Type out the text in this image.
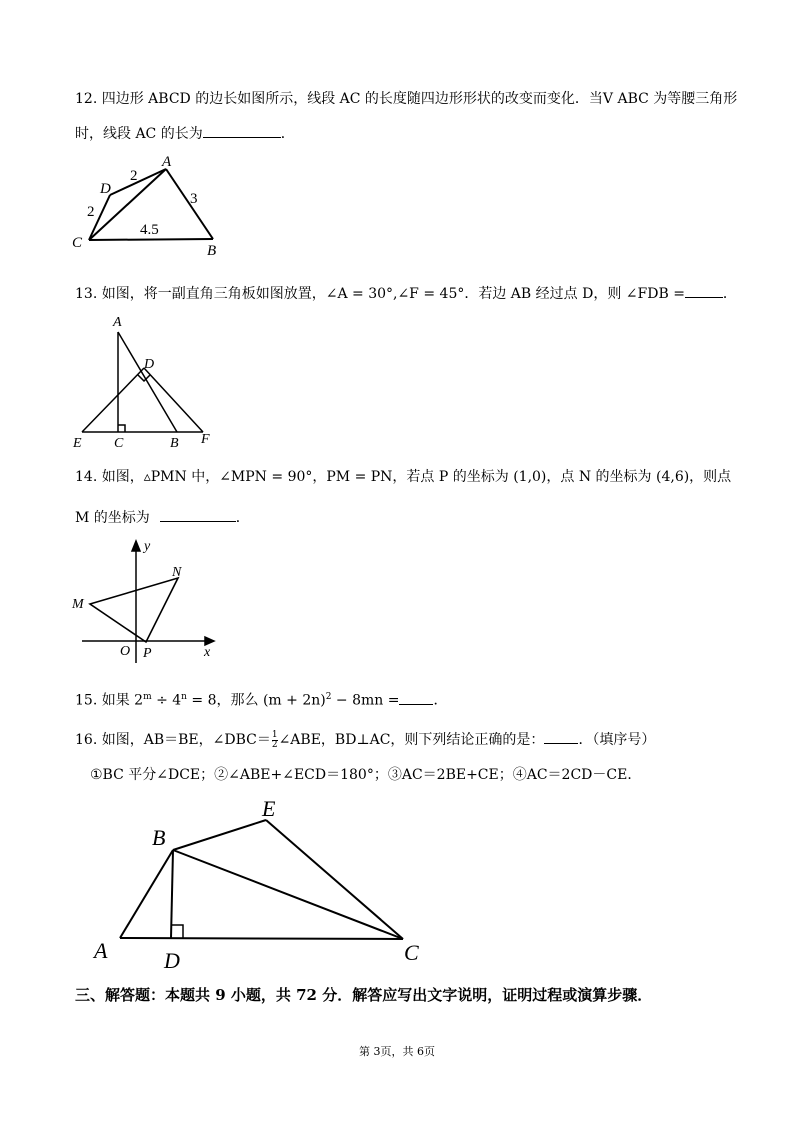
12. 四边形 ABCD 的边长如图所示，线段 AC 的长度随四边形形状的改变而变化．当V ABC 为等腰三角形
时，线段 AC 的长为	．
A
D
C	B
2
2
3
4.5
13. 如图，将一副直角三角板如图放置，∠A = 30°,∠F = 45°．若边 AB 经过点 D，则 ∠FDB =	．
A
D
E C	B F
14. 如图，▵PMN 中，∠MPN = 90°，PM = PN，若点 P 的坐标为 (1,0)，点 N 的坐标为 (4,6)，则点
M 的坐标为	．
y
x
N
M
O P
15. 如果 $2^m \div 4^n = 8$，那么 $(m + 2n)^2 - 8mn$ = ．
16. 如图，AB＝BE，∠DBC＝ $\frac{1}{2}$ ∠ABE，BD⊥AC，则下列结论正确的是： ．（填序号）
①BC 平分∠DCE；②∠ABE+∠ECD＝180°；③AC＝2BE+CE；④AC＝2CD－CE．
A
B
E
D	C
三、解答题：本题共 9 小题，共 72 分．解答应写出文字说明，证明过程或演算步骤．
第 3页，共 6页
